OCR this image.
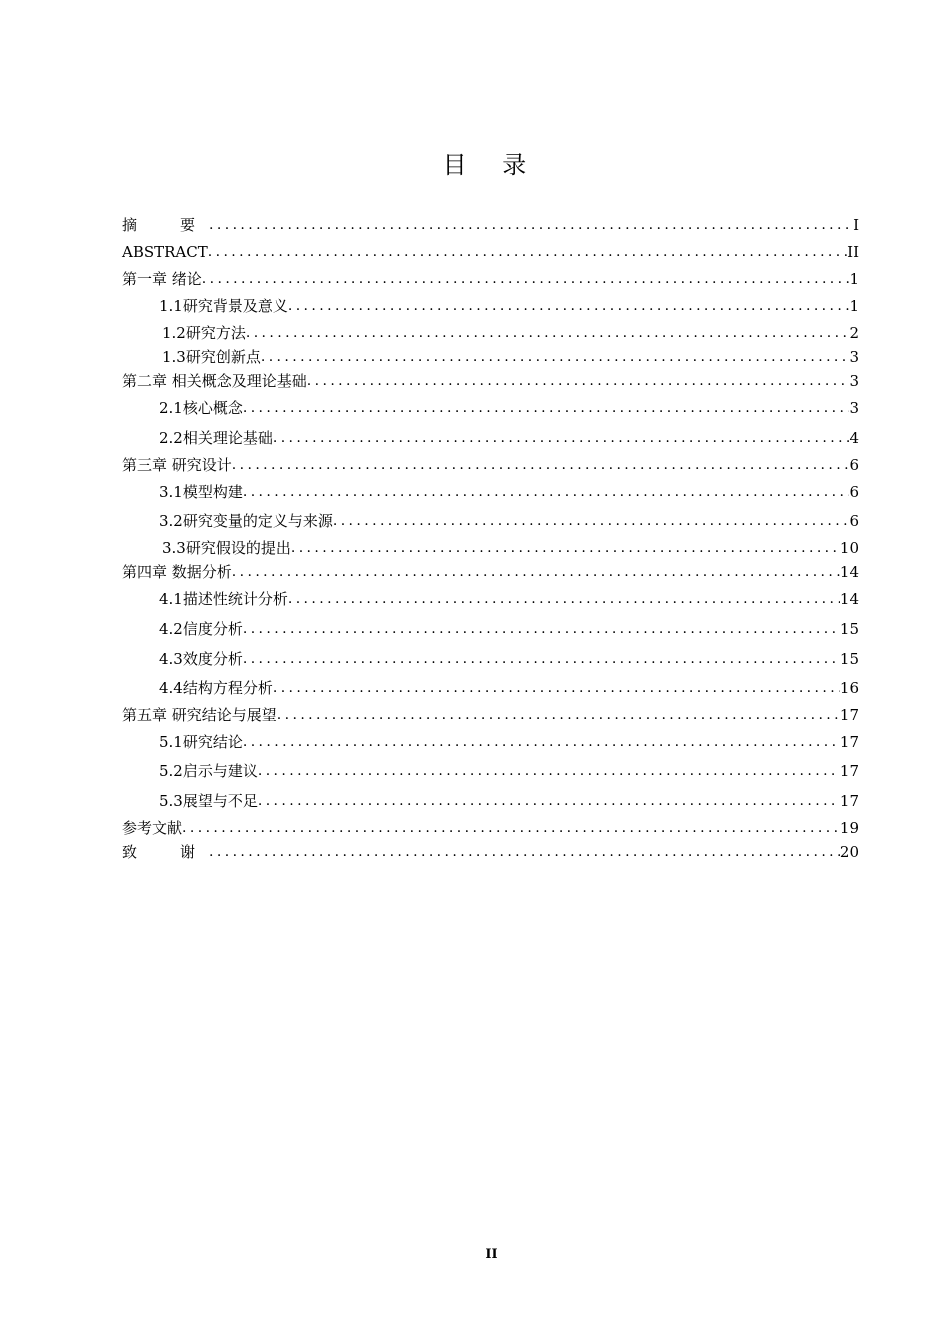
目 录
摘　要 .....	I
ABSTRACT .....	II
第一章 绪论 .....	1
1.1研究背景及意义 .....	1
1.2研究方法 .....	2
1.3研究创新点 .....	3
第二章 相关概念及理论基础 .....	3
2.1核心概念 .....	3
2.2相关理论基础 .....	4
第三章 研究设计 .....	6
3.1模型构建 .....	6
3.2研究变量的定义与来源 .....	6
3.3研究假设的提出 .....	10
第四章 数据分析 .....	14
4.1描述性统计分析 .....	14
4.2信度分析 .....	15
4.3效度分析 .....	15
4.4结构方程分析 .....	16
第五章 研究结论与展望 .....	17
5.1研究结论 .....	17
5.2启示与建议 .....	17
5.3展望与不足 .....	17
参考文献 .....	19
致　谢 .....	20
II
